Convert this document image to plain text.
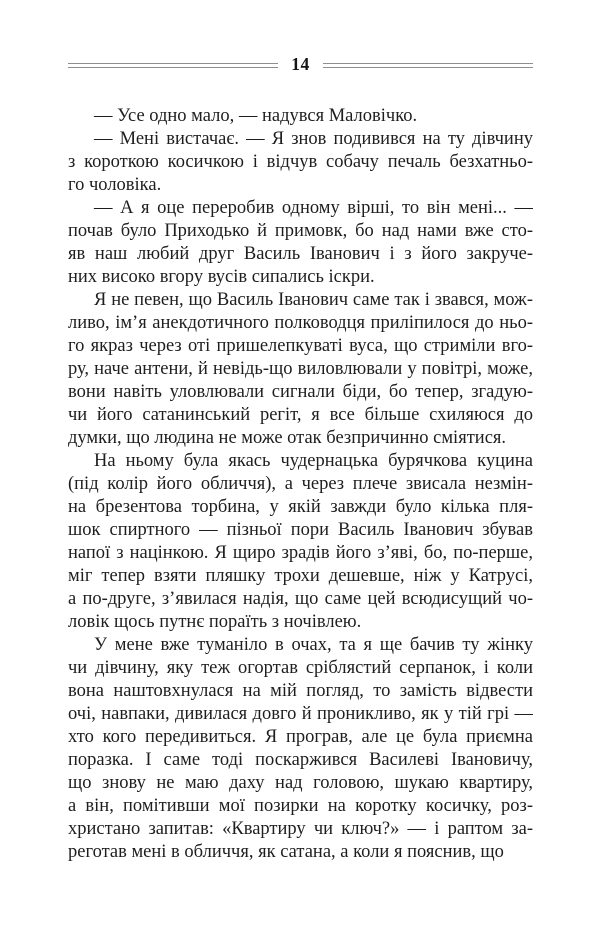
14
— Усе одно мало, — надувся Маловічко.
— Мені вистачає. — Я знов подивився на ту дівчину
з короткою косичкою і відчув собачу печаль безхатньо-
го чоловіка.
— А я оце переробив одному вірші, то він мені... —
почав було Приходько й примовк, бо над нами вже сто-
яв наш любий друг Василь Іванович і з його закруче-
них високо вгору вусів сипались іскри.
Я не певен, що Василь Іванович саме так і звався, мож-
ливо, ім’я анекдотичного полководця приліпилося до ньо-
го якраз через оті пришелепкуваті вуса, що стриміли вго-
ру, наче антени, й невідь-що виловлювали у повітрі, може,
вони навіть уловлювали сигнали біди, бо тепер, згадую-
чи його сатанинський регіт, я все більше схиляюся до
думки, що людина не може отак безпричинно сміятися.
На ньому була якась чудернацька бурячкова куцина
(під колір його обличчя), а через плече звисала незмін-
на брезентова торбина, у якій завжди було кілька пля-
шок спиртного — пізньої пори Василь Іванович збував
напої з націнкою. Я щиро зрадів його з’яві, бо, по-перше,
міг тепер взяти пляшку трохи дешевше, ніж у Катрусі,
а по-друге, з’явилася надія, що саме цей всюдисущий чо-
ловік щось путнє пораїть з ночівлею.
У мене вже туманіло в очах, та я ще бачив ту жінку
чи дівчину, яку теж огортав сріблястий серпанок, і коли
вона наштовхнулася на мій погляд, то замість відвести
очі, навпаки, дивилася довго й проникливо, як у тій грі —
хто кого передивиться. Я програв, але це була приємна
поразка. І саме тоді поскаржився Василеві Івановичу,
що знову не маю даху над головою, шукаю квартиру,
а він, помітивши мої позирки на коротку косичку, роз-
христано запитав: «Квартиру чи ключ?» — і раптом за-
реготав мені в обличчя, як сатана, а коли я пояснив, що
